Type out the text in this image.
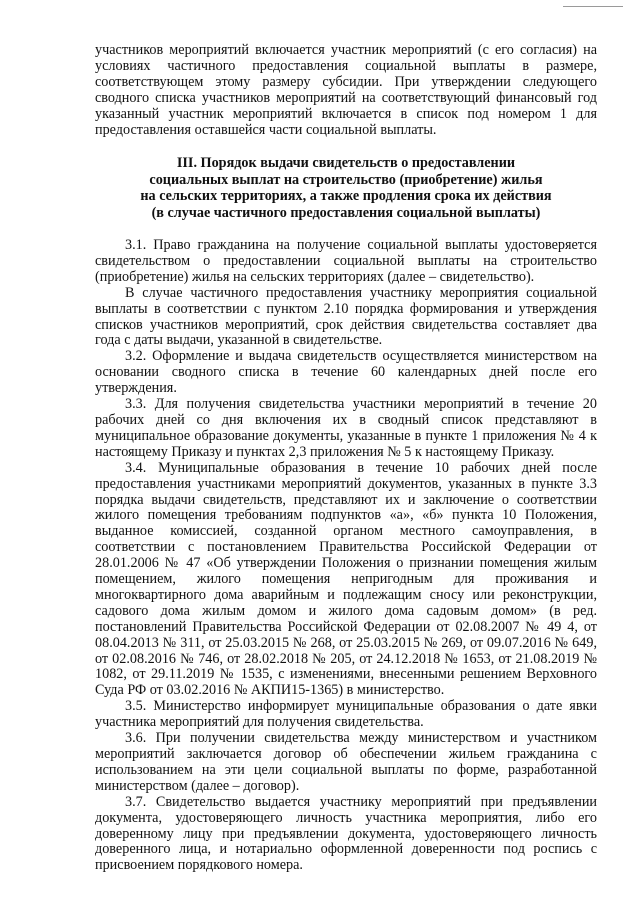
участников мероприятий включается участник мероприятий (с его согласия) на условиях частичного предоставления социальной выплаты в размере, соответствующем этому размеру субсидии. При утверждении следующего сводного списка участников мероприятий на соответствующий финансовый год указанный участник мероприятий включается в список под номером 1 для предоставления оставшейся части социальной выплаты.

III. Порядок выдачи свидетельств о предоставлении
социальных выплат на строительство (приобретение) жилья
на сельских территориях, а также продления срока их действия
(в случае частичного предоставления социальной выплаты)

3.1. Право гражданина на получение социальной выплаты удостоверяется свидетельством о предоставлении социальной выплаты на строительство (приобретение) жилья на сельских территориях (далее – свидетельство).

В случае частичного предоставления участнику мероприятия социальной выплаты в соответствии с пунктом 2.10 порядка формирования и утверждения списков участников мероприятий, срок действия свидетельства составляет два года с даты выдачи, указанной в свидетельстве.

3.2. Оформление и выдача свидетельств осуществляется министерством на основании сводного списка в течение 60 календарных дней после его утверждения.

3.3. Для получения свидетельства участники мероприятий в течение 20 рабочих дней со дня включения их в сводный список представляют в муниципальное образование документы, указанные в пункте 1 приложения № 4 к настоящему Приказу и пунктах 2,3 приложения № 5 к настоящему Приказу.

3.4. Муниципальные образования в течение 10 рабочих дней после предоставления участниками мероприятий документов, указанных в пункте 3.3 порядка выдачи свидетельств, представляют их и заключение о соответствии жилого помещения требованиям подпунктов «а», «б» пункта 10 Положения, выданное комиссией, созданной органом местного самоуправления, в соответствии с постановлением Правительства Российской Федерации от 28.01.2006 № 47 «Об утверждении Положения о признании помещения жилым помещением, жилого помещения непригодным для проживания и многоквартирного дома аварийным и подлежащим сносу или реконструкции, садового дома жилым домом и жилого дома садовым домом» (в ред. постановлений Правительства Российской Федерации от 02.08.2007 № 49 4, от 08.04.2013 № 311, от 25.03.2015 № 268, от 25.03.2015 № 269, от 09.07.2016 № 649, от 02.08.2016 № 746, от 28.02.2018 № 205, от 24.12.2018 № 1653, от 21.08.2019 № 1082, от 29.11.2019 № 1535, с изменениями, внесенными решением Верховного Суда РФ от 03.02.2016 № АКПИ15-1365) в министерство.

3.5. Министерство информирует муниципальные образования о дате явки участника мероприятий для получения свидетельства.

3.6. При получении свидетельства между министерством и участником мероприятий заключается договор об обеспечении жильем гражданина с использованием на эти цели социальной выплаты по форме, разработанной министерством (далее – договор).

3.7. Свидетельство выдается участнику мероприятий при предъявлении документа, удостоверяющего личность участника мероприятия, либо его доверенному лицу при предъявлении документа, удостоверяющего личность доверенного лица, и нотариально оформленной доверенности под роспись с присвоением порядкового номера.
